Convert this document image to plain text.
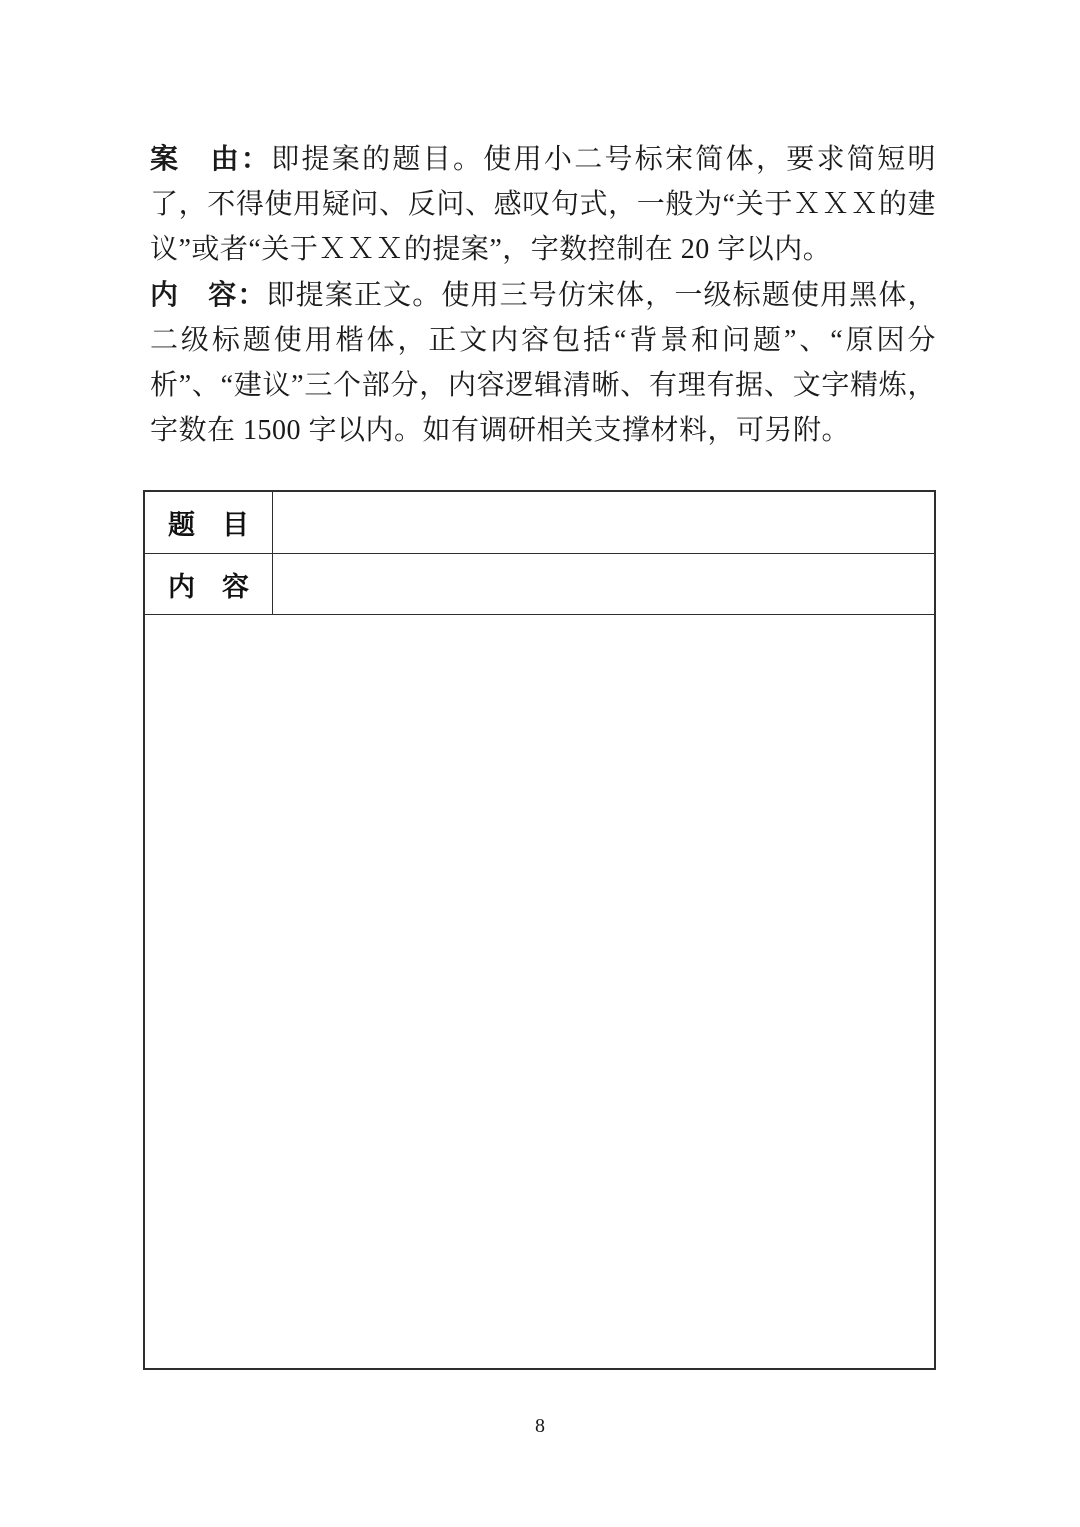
案　由：即提案的题目。使用小二号标宋简体，要求简短明了，不得使用疑问、反问、感叹句式，一般为“关于ＸＸＸ的建议”或者“关于ＸＸＸ的提案”，字数控制在 20 字以内。

内　容：即提案正文。使用三号仿宋体，一级标题使用黑体，二级标题使用楷体，正文内容包括“背景和问题”、“原因分析”、“建议”三个部分，内容逻辑清晰、有理有据、文字精炼，字数在 1500 字以内。如有调研相关支撑材料，可另附。

题　目
内　容
8
